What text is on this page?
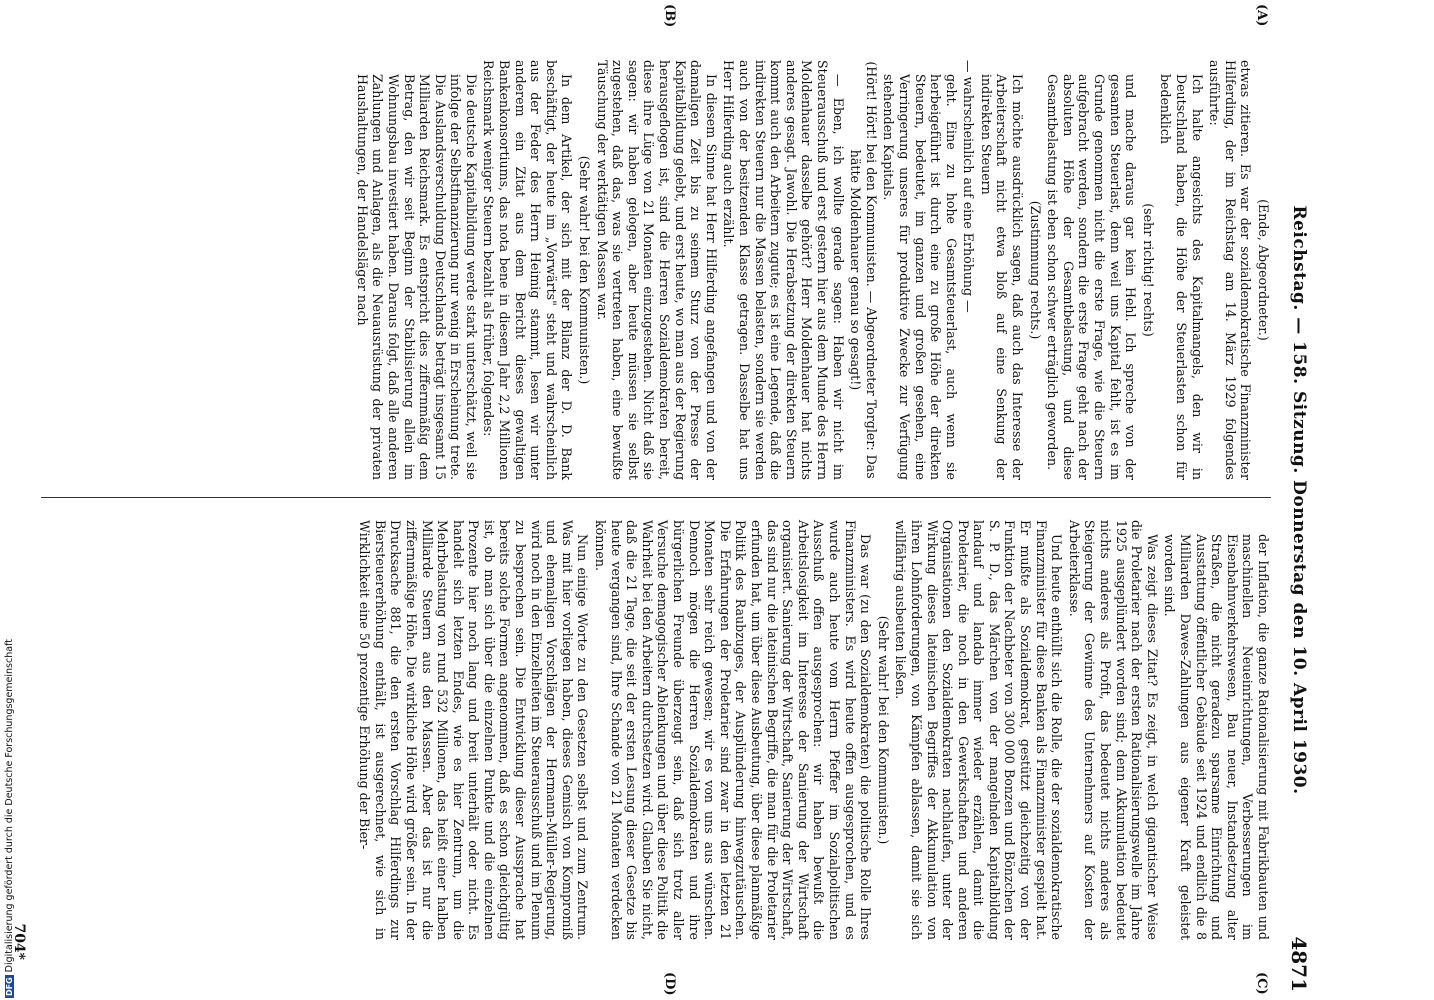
Reichstag. — 158. Sitzung. Donnerstag den 10. April 1930.
4871
(A)
(B)
(C)
(D)

(Ende, Abgeordneter.)

etwas zitieren. Es war der sozialdemokratische Finanzminister Hilferding, der im Reichstag am 14. März 1929 folgendes ausführte:

Ich halte angesichts des Kapitalmangels, den wir in Deutschland haben, die Höhe der Steuerlasten schon für bedenklich

(sehr richtig! rechts)

und mache daraus gar kein Hehl. Ich spreche von der gesamten Steuerlast, denn weil uns Kapital fehlt, ist es im Grunde genommen nicht die erste Frage, wie die Steuern aufgebracht werden, sondern die erste Frage geht nach der absoluten Höhe der Gesamtbelastung, und diese Gesamtbelastung ist eben schon schwer erträglich geworden.

(Zustimmung rechts.)

Ich möchte ausdrücklich sagen, daß auch das Interesse der Arbeiterschaft nicht etwa bloß auf eine Senkung der indirekten Steuern

— wahrscheinlich auf eine Erhöhung —

geht. Eine zu hohe Gesamtsteuerlast, auch wenn sie herbeigeführt ist durch eine zu große Höhe der direkten Steuern, bedeutet, im ganzen und großen gesehen, eine Verringerung unseres für produktive Zwecke zur Verfügung stehenden Kapitals.

(Hört! Hört! bei den Kommunisten. — Abgeordneter Torgler: Das hätte Moldenhauer genau so gesagt!)

— Eben, ich wollte gerade sagen: Haben wir nicht im Steuerausschuß und erst gestern hier aus dem Munde des Herrn Moldenhauer dasselbe gehört? Herr Moldenhauer hat nichts anderes gesagt. Jawohl. Die Herabsetzung der direkten Steuern kommt auch den Arbeitern zugute; es ist eine Legende, daß die indirekten Steuern nur die Massen belasten, sondern sie werden auch von der besitzenden Klasse getragen. Dasselbe hat uns Herr Hilferding auch erzählt.

In diesem Sinne hat Herr Hilferding angefangen und von der damaligen Zeit bis zu seinem Sturz von der Presse der Kapitalbildung gelebt, und erst heute, wo man aus der Regierung herausgeflogen ist, sind die Herren Sozialdemokraten bereit, diese ihre Lüge von 21 Monaten einzugestehen. Nicht daß sie sagen: wir haben gelogen, aber heute müssen sie selbst zugestehen, daß das, was sie vertreten haben, eine bewußte Täuschung der werktätigen Massen war.

(Sehr wahr! bei den Kommunisten.)

In dem Artikel, der sich mit der Bilanz der D. D. Bank beschäftigt, der heute im „Vorwärts" steht und wahrscheinlich aus der Feder des Herrn Heimig stammt, lesen wir unter anderem ein Zitat aus dem Bericht dieses gewaltigen Bankenkonsortiums, das nota bene in diesem Jahr 2,2 Millionen Reichsmark weniger Steuern bezahlt als früher, folgendes:

Die deutsche Kapitalbildung werde stark unterschätzt, weil sie infolge der Selbstfinanzierung nur wenig in Erscheinung trete. Die Auslandsverschuldung Deutschlands beträgt insgesamt 15 Milliarden Reichsmark. Es entspricht dies ziffernmäßig dem Betrag, den wir seit Beginn der Stabilisierung allein im Wohnungsbau investiert haben. Daraus folgt, daß alle anderen Zahlungen und Anlagen, als die Neuausrüstung der privaten Haushaltungen, der Handelsläger nach

der Inflation, die ganze Rationalisierung mit Fabrikbauten und maschinellen Neueinrichtungen, Verbesserungen im Eisenbahnverkehrswesen, Bau neuer, Instandsetzung alter Straßen, die nicht geradezu sparsame Einrichtung und Ausstattung öffentlicher Gebäude seit 1924 und endlich die 8 Milliarden Dawes-Zahlungen aus eigener Kraft geleistet worden sind.

Was zeigt dieses Zitat? Es zeigt, in welch gigantischer Weise die Proletarier nach der ersten Rationalisierungswelle im Jahre 1925 ausgeplündert worden sind; denn Akkumulation bedeutet nichts anderes als Profit, das bedeutet nichts anderes als Steigerung der Gewinne des Unternehmers auf Kosten der Arbeiterklasse.

Und heute enthüllt sich die Rolle, die der sozialdemokratische Finanzminister für diese Banken als Finanzminister gespielt hat. Er mußte als Sozialdemokrat, gestützt gleichzeitig von der Funktion der Nachbeter von 300 000 Bonzen und Bönzchen der S. P. D., das Märchen von der mangelnden Kapitalbildung landauf und landab immer wieder erzählen, damit die Proletarier, die noch in den Gewerkschaften und anderen Organisationen den Sozialdemokraten nachlaufen, unter der Wirkung dieses lateinischen Begriffes der Akkumulation von ihren Lohnforderungen, von Kämpfen ablassen, damit sie sich willfährig ausbeuten ließen.

(Sehr wahr! bei den Kommunisten.)

Das war (zu den Sozialdemokraten) die politische Rolle Ihres Finanzministers. Es wird heute offen ausgesprochen, und es wurde auch heute vom Herrn Pfeffer im Sozialpolitischen Ausschuß offen ausgesprochen: wir haben bewußt die Arbeitslosigkeit im Interesse der Sanierung der Wirtschaft organisiert. Sanierung der Wirtschaft, Sanierung der Wirtschaft, das sind nur die lateinischen Begriffe, die man für die Proletarier erfunden hat, um über diese Ausbeutung, über diese planmäßige Politik des Raubzuges, der Ausplünderung hinwegzutäuschen. Die Erfahrungen der Proletarier sind zwar in den letzten 21 Monaten sehr reich gewesen; wir es von uns aus wünschen. Dennoch mögen die Herren Sozialdemokraten und ihre bürgerlichen Freunde überzeugt sein, daß sich trotz aller Versuche demagogischer Ablenkungen und über diese Politik die Wahrheit bei den Arbeitern durchsetzen wird. Glauben Sie nicht, daß die 21 Tage, die seit der ersten Lesung dieser Gesetze bis heute vergangen sind, Ihre Schande von 21 Monaten verdecken können.

Nun einige Worte zu den Gesetzen selbst und zum Zentrum. Was mit hier vorliegen haben, dieses Gemisch von Kompromiß und ehemaligen Vorschlägen der Hermann-Müller-Regierung, wird noch in den Einzelheiten im Steuerausschuß und im Plenum zu besprechen sein. Die Entwicklung dieser Aussprache hat bereits solche Formen angenommen, daß es schon gleichgültig ist, ob man sich über die einzelnen Punkte und die einzelnen Prozente hier noch lang und breit unterhält oder nicht. Es handelt sich letzten Endes, wie es hier Zentrum, um die Mehrbelastung von rund 532 Millionen, das heißt einer halben Milliarde Steuern aus den Massen. Aber das ist nur die ziffernmäßige Höhe. Die wirkliche Höhe wird größer sein. In der Drucksache 881, die den ersten Vorschlag Hilferdings zur Biersteuererhöhung enthält, ist ausgerechnet, wie sich in Wirklichkeit eine 50 prozentige Erhöhung der Bier-

704*
DFGDigitalisierung gefördert durch die Deutsche Forschungsgemeinschaft
